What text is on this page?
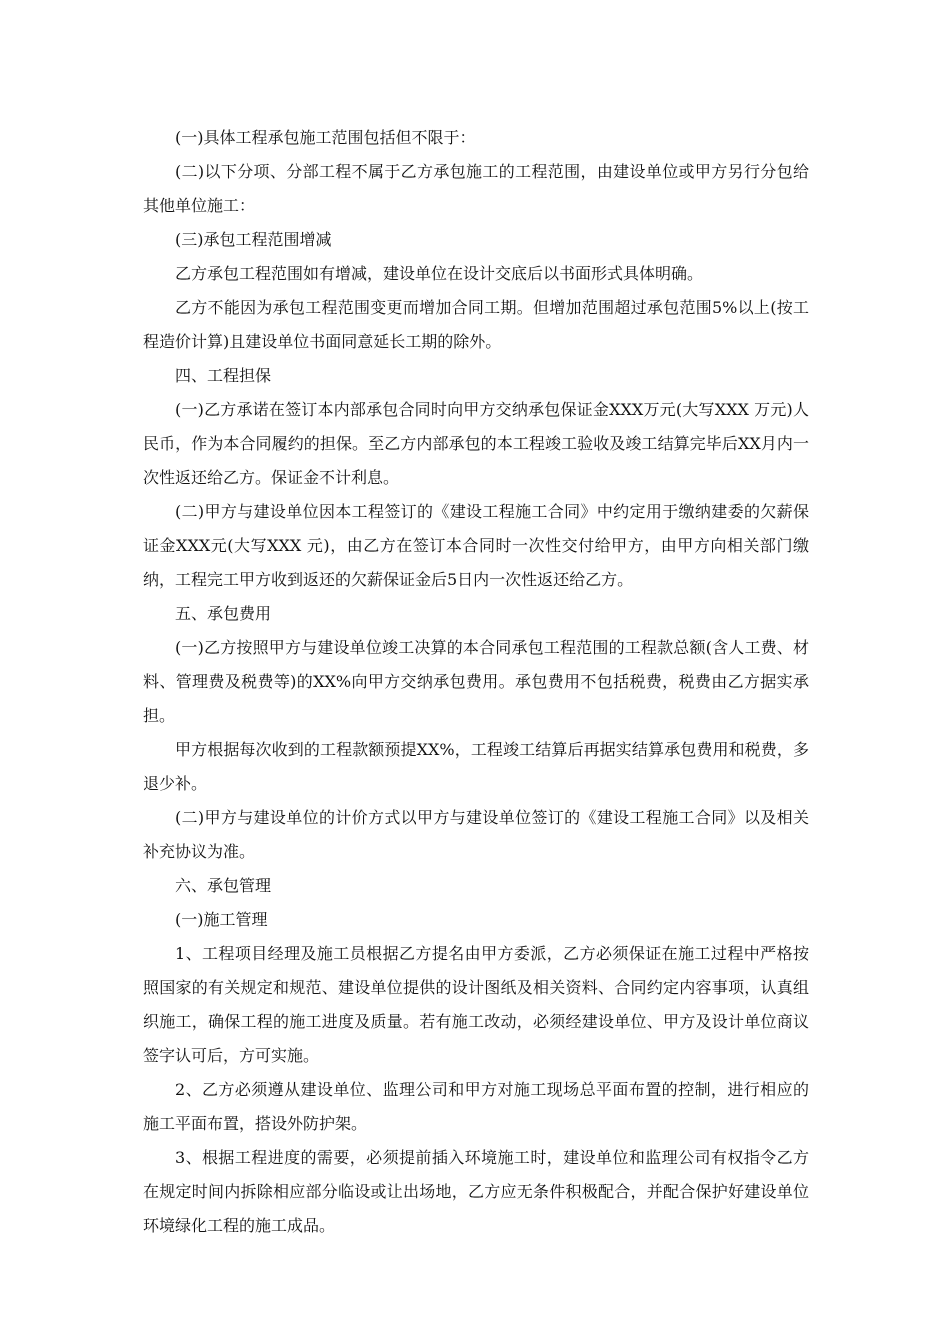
(一)具体工程承包施工范围包括但不限于：

(二)以下分项、分部工程不属于乙方承包施工的工程范围，由建设单位或甲方另行分包给其他单位施工：

(三)承包工程范围增减

乙方承包工程范围如有增减，建设单位在设计交底后以书面形式具体明确。

乙方不能因为承包工程范围变更而增加合同工期。但增加范围超过承包范围5%以上(按工程造价计算)且建设单位书面同意延长工期的除外。

四、工程担保

(一)乙方承诺在签订本内部承包合同时向甲方交纳承包保证金XXX万元(大写XXX 万元)人民币，作为本合同履约的担保。至乙方内部承包的本工程竣工验收及竣工结算完毕后XX月内一次性返还给乙方。保证金不计利息。

(二)甲方与建设单位因本工程签订的《建设工程施工合同》中约定用于缴纳建委的欠薪保证金XXX元(大写XXX 元)，由乙方在签订本合同时一次性交付给甲方，由甲方向相关部门缴纳，工程完工甲方收到返还的欠薪保证金后5日内一次性返还给乙方。

五、承包费用

(一)乙方按照甲方与建设单位竣工决算的本合同承包工程范围的工程款总额(含人工费、材料、管理费及税费等)的XX%向甲方交纳承包费用。承包费用不包括税费，税费由乙方据实承担。

甲方根据每次收到的工程款额预提XX%，工程竣工结算后再据实结算承包费用和税费，多退少补。

(二)甲方与建设单位的计价方式以甲方与建设单位签订的《建设工程施工合同》以及相关补充协议为准。

六、承包管理

(一)施工管理

1、工程项目经理及施工员根据乙方提名由甲方委派，乙方必须保证在施工过程中严格按照国家的有关规定和规范、建设单位提供的设计图纸及相关资料、合同约定内容事项，认真组织施工，确保工程的施工进度及质量。若有施工改动，必须经建设单位、甲方及设计单位商议签字认可后，方可实施。

2、乙方必须遵从建设单位、监理公司和甲方对施工现场总平面布置的控制，进行相应的施工平面布置，搭设外防护架。

3、根据工程进度的需要，必须提前插入环境施工时，建设单位和监理公司有权指令乙方在规定时间内拆除相应部分临设或让出场地，乙方应无条件积极配合，并配合保护好建设单位环境绿化工程的施工成品。
